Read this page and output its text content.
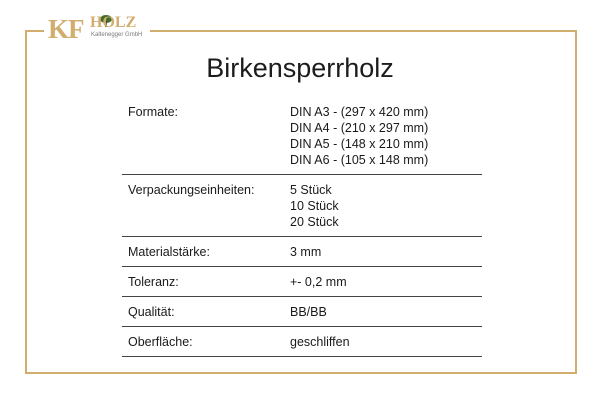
KF HOLZ
Kaltenegger GmbH
Birkensperrholz
Formate:	DIN A3 - (297 x 420 mm)
DIN A4 - (210 x 297 mm)
DIN A5 - (148 x 210 mm)
DIN A6 - (105 x 148 mm)
Verpackungseinheiten:	5 Stück
10 Stück
20 Stück
Materialstärke:	3 mm
Toleranz:	+- 0,2 mm
Qualität:	BB/BB
Oberfläche:	geschliffen
